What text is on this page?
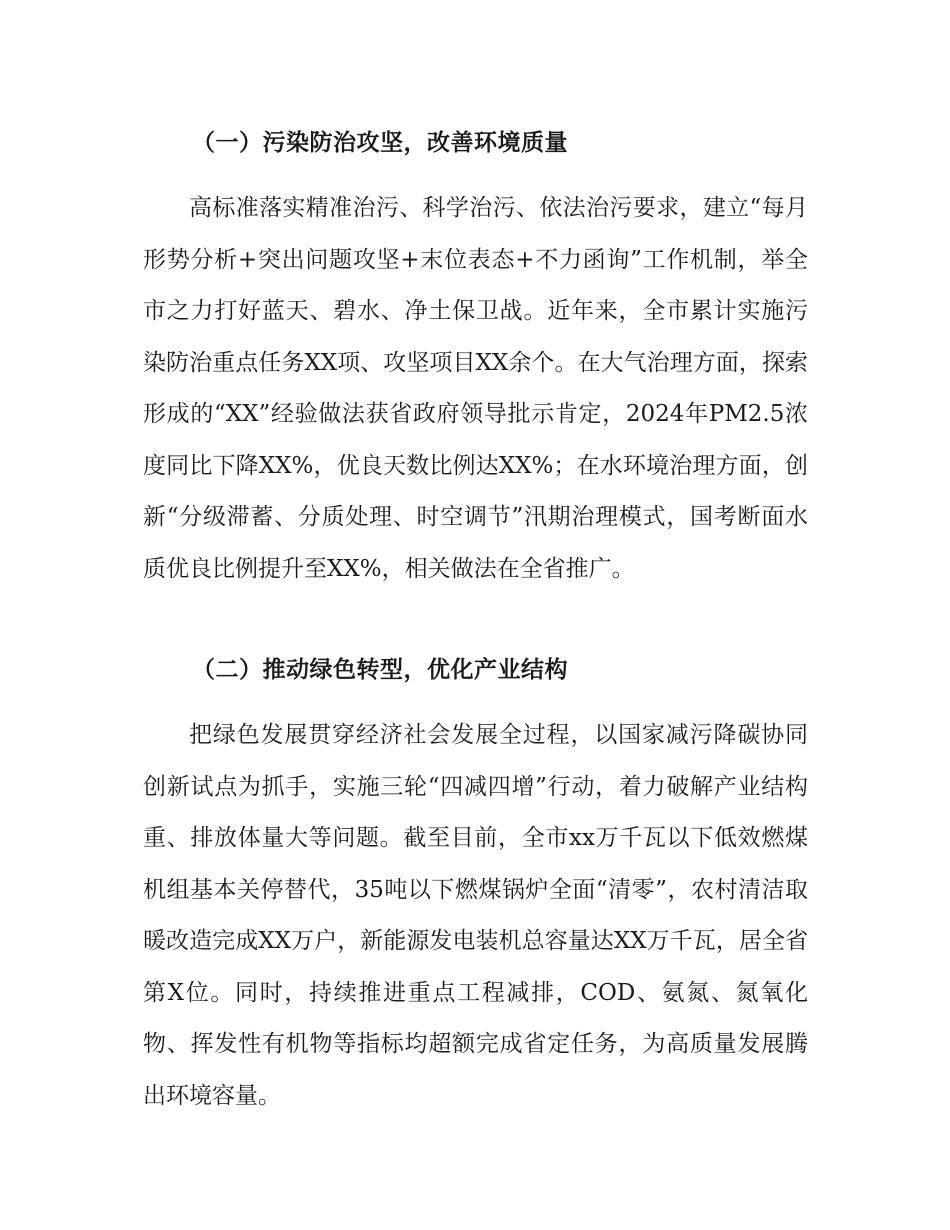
（一）污染防治攻坚，改善环境质量

高标准落实精准治污、科学治污、依法治污要求，建立“每月形势分析+突出问题攻坚+末位表态+不力函询”工作机制，举全市之力打好蓝天、碧水、净土保卫战。近年来，全市累计实施污染防治重点任务XX项、攻坚项目XX余个。在大气治理方面，探索形成的“XX”经验做法获省政府领导批示肯定，2024年PM2.5浓度同比下降XX%，优良天数比例达XX%；在水环境治理方面，创新“分级滞蓄、分质处理、时空调节”汛期治理模式，国考断面水质优良比例提升至XX%，相关做法在全省推广。

（二）推动绿色转型，优化产业结构

把绿色发展贯穿经济社会发展全过程，以国家减污降碳协同创新试点为抓手，实施三轮“四减四增”行动，着力破解产业结构重、排放体量大等问题。截至目前，全市xx万千瓦以下低效燃煤机组基本关停替代，35吨以下燃煤锅炉全面“清零”，农村清洁取暖改造完成XX万户，新能源发电装机总容量达XX万千瓦，居全省第X位。同时，持续推进重点工程减排，COD、氨氮、氮氧化物、挥发性有机物等指标均超额完成省定任务，为高质量发展腾出环境容量。
